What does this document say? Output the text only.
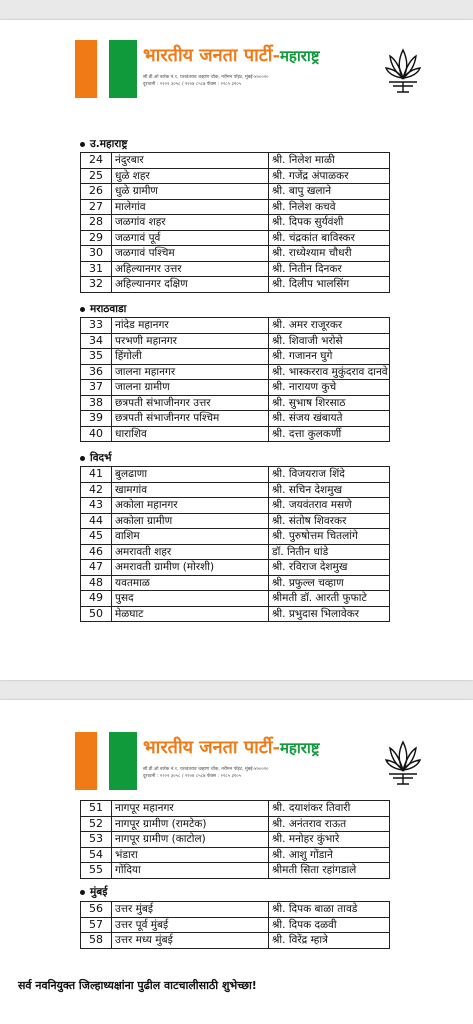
भारतीय जनता पार्टी-महाराष्ट्र
सी.डी.ओ बार्रक नं.१, यशवंतराव चव्हाण चौक, नरीमन पॉइंट, मुंबई-४०००२०
दूरध्वनी : २२०२ ३०५८ / २२०४ ८५८७ फॅक्स : २२८५ ३१०५
उ.महाराष्ट्र
24	नंदुरबार	श्री. निलेश माळी
25	धुळे शहर	श्री. गजेंद्र अंपाळकर
26	धुळे ग्रामीण	श्री. बापु खलाने
27	मालेगांव	श्री. निलेश कचवे
28	जळगांव शहर	श्री. दिपक सुर्यवंशी
29	जळगावं पूर्व	श्री. चंद्रकांत बाविस्कर
30	जळगावं पश्चिम	श्री. राध्येश्याम चौधरी
31	अहिल्यानगर उत्तर	श्री. नितीन दिनकर
32	अहिल्यानगर दक्षिण	श्री. दिलीप भालसिंग
मराठवाडा
33	नांदेड महानगर	श्री. अमर राजूरकर
34	परभणी महानगर	श्री. शिवाजी भरोसे
35	हिंगोली	श्री. गजानन घुगे
36	जालना महानगर	श्री. भास्करराव मुकुंदराव दानवे
37	जालना ग्रामीण	श्री. नारायण कुचे
38	छत्रपती संभाजीनगर उत्तर	श्री. सुभाष शिरसाठ
39	छत्रपती संभाजीनगर पश्चिम	श्री. संजय खंबायते
40	धाराशिव	श्री. दत्ता कुलकर्णी
विदर्भ
41	बुलढाणा	श्री. विजयराज शिंदे
42	खामगांव	श्री. सचिन देशमुख
43	अकोला महानगर	श्री. जयवंतराव मसणे
44	अकोला ग्रामीण	श्री. संतोष शिवरकर
45	वाशिम	श्री. पुरुषोत्तम चितलांगे
46	अमरावती शहर	डॉ. नितीन धांडे
47	अमरावती ग्रामीण (मोरशी)	श्री. रविराज देशमुख
48	यवतमाळ	श्री. प्रफुल्ल चव्हाण
49	पुसद	श्रीमती डॉ. आरती फुफाटे
50	मेळघाट	श्री. प्रभुदास भिलावेकर
भारतीय जनता पार्टी-महाराष्ट्र
सी.डी.ओ बार्रक नं.१, यशवंतराव चव्हाण चौक, नरीमन पॉइंट, मुंबई-४०००२०
दूरध्वनी : २२०२ ३०५८ / २२०४ ८५८७ फॅक्स : २२८५ ३१०५
51	नागपूर महानगर	श्री. दयाशंकर तिवारी
52	नागपूर ग्रामीण (रामटेक)	श्री. अनंतराव राऊत
53	नागपूर ग्रामीण (काटोल)	श्री. मनोहर कुंभारे
54	भंडारा	श्री. आशु गोंडाने
55	गोंदिया	श्रीमती सिता रहांगडाले
मुंबई
56	उत्तर मुंबई	श्री. दिपक बाळा तावडे
57	उत्तर पूर्व मुंबई	श्री. दिपक दळवी
58	उत्तर मध्य मुंबई	श्री. विरेंद्र म्हात्रे
सर्व नवनियुक्त जिल्हाध्यक्षांना पुढील वाटचालीसाठी शुभेच्छा!
